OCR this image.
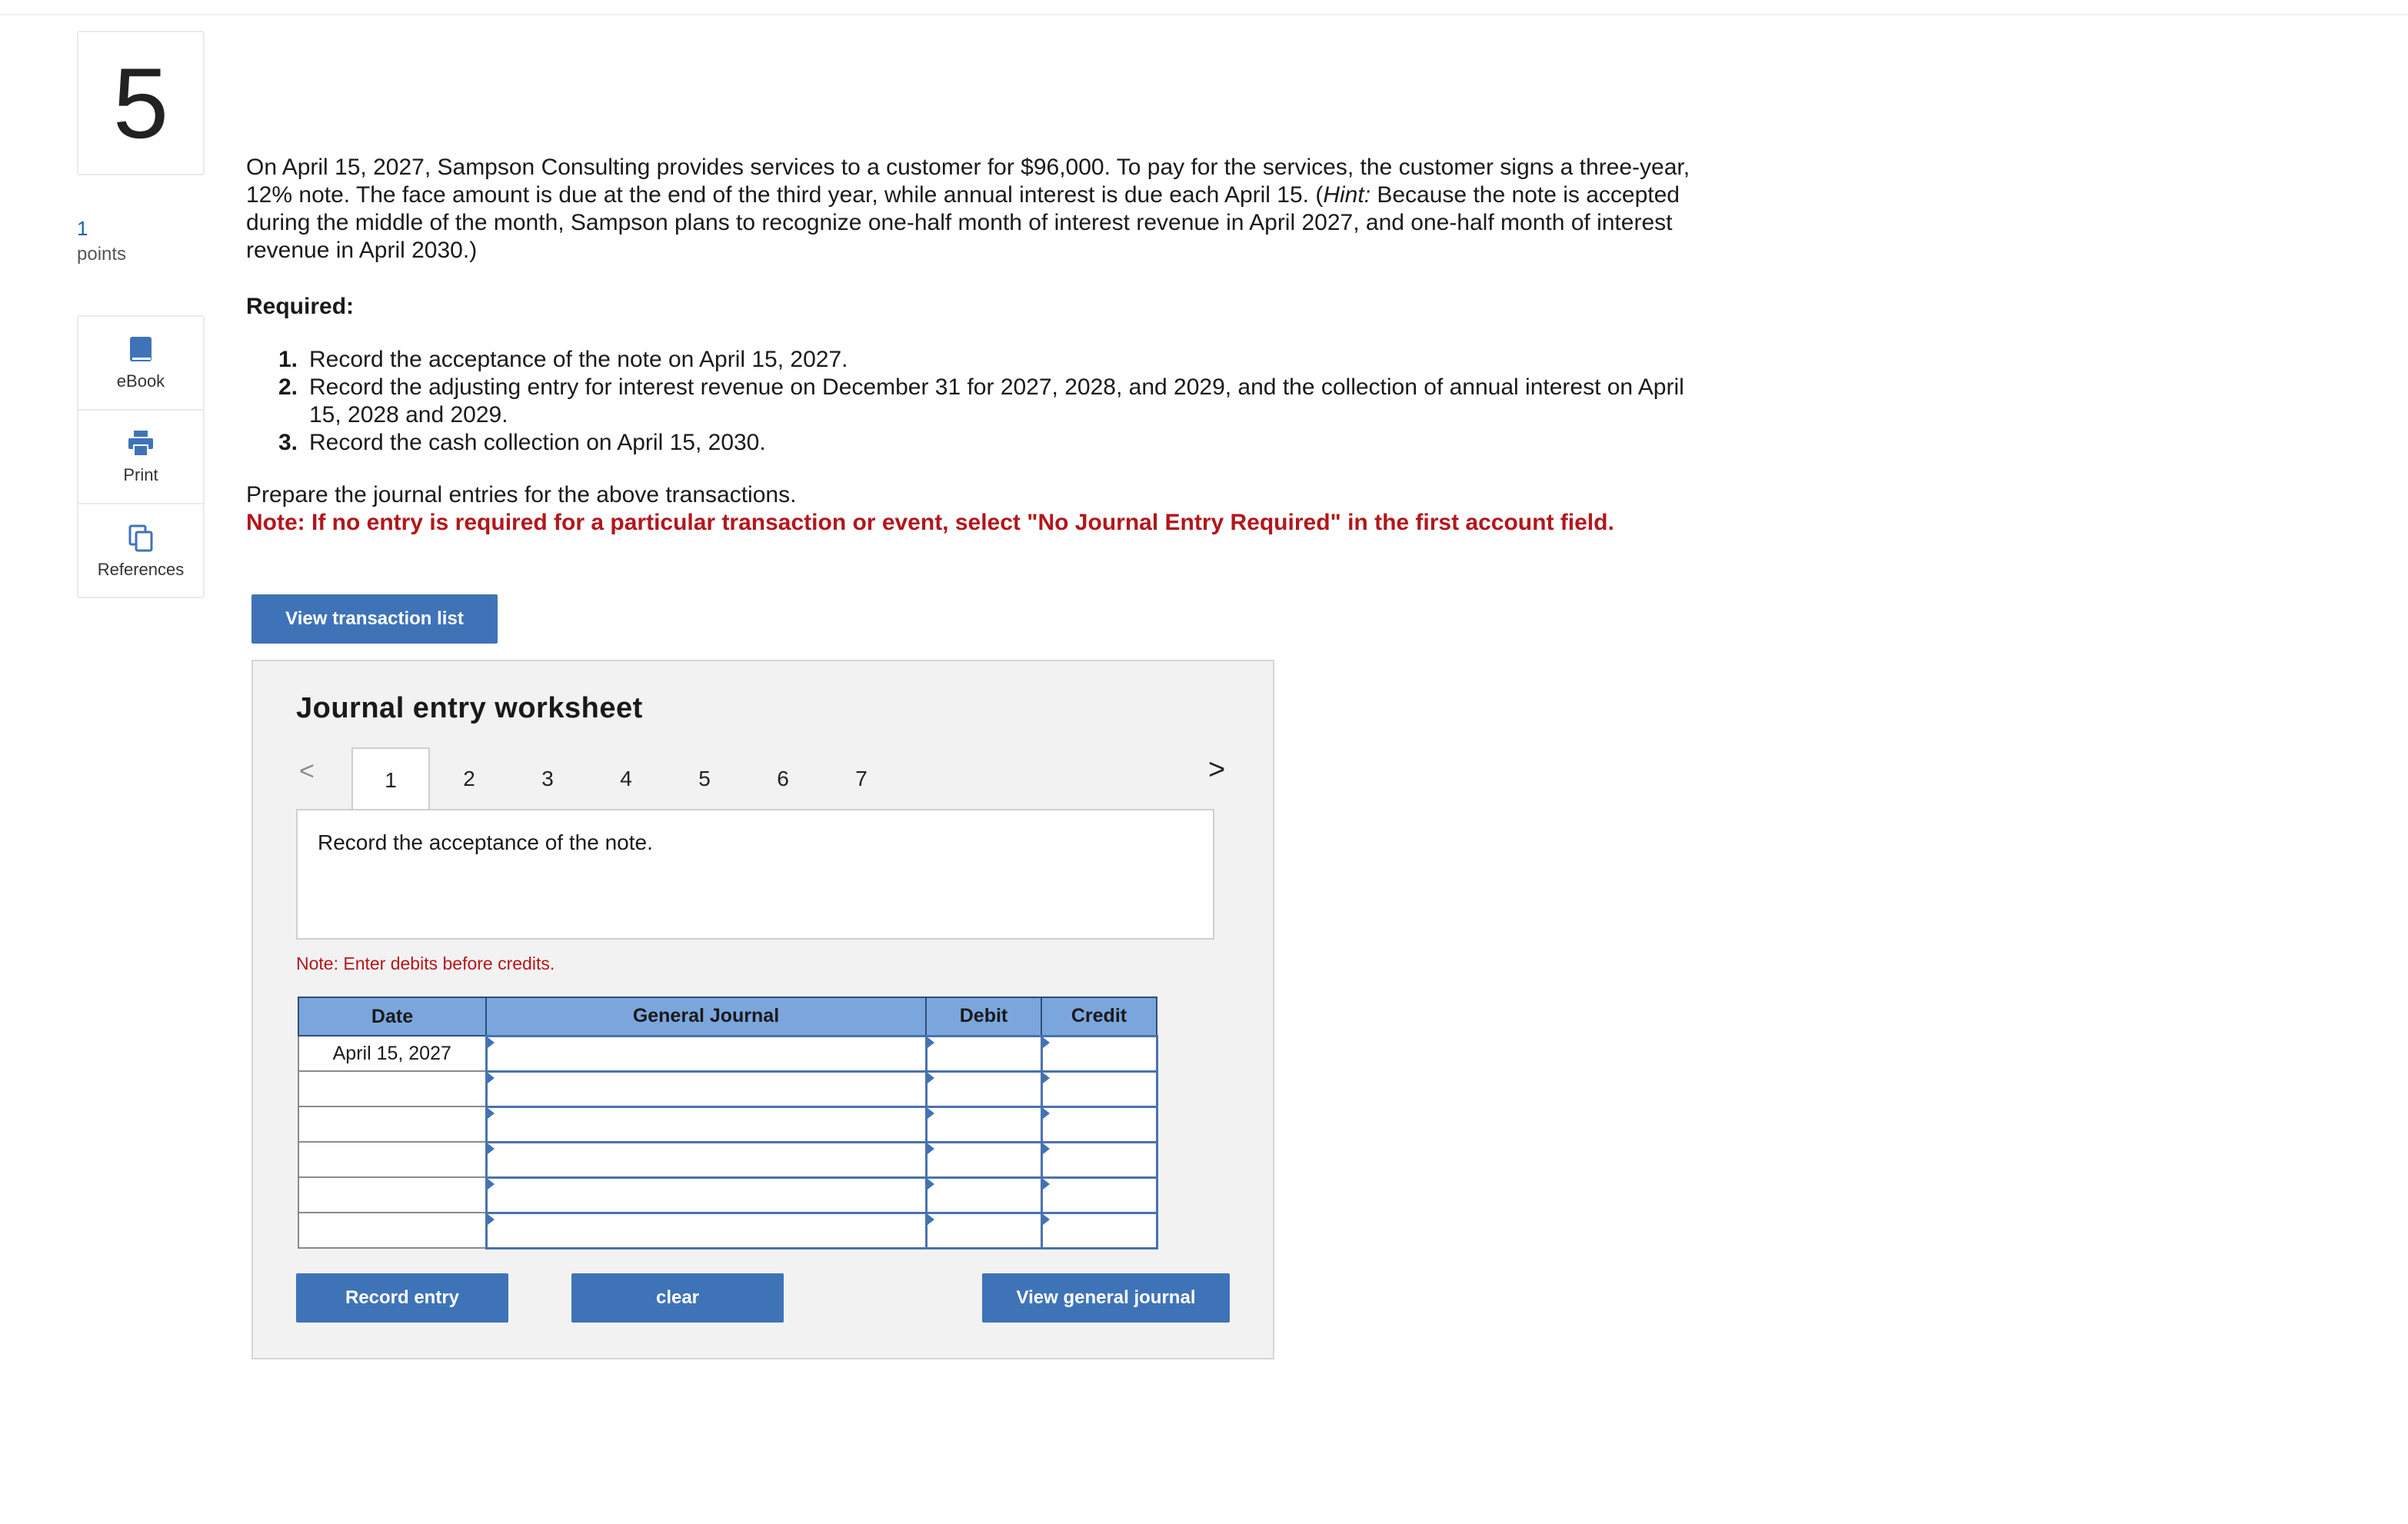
5
1
points
eBook
Print
References

On April 15, 2027, Sampson Consulting provides services to a customer for $96,000. To pay for the services, the customer signs a three-year, 12% note. The face amount is due at the end of the third year, while annual interest is due each April 15. (Hint: Because the note is accepted during the middle of the month, Sampson plans to recognize one-half month of interest revenue in April 2027, and one-half month of interest revenue in April 2030.)

Required:
1. Record the acceptance of the note on April 15, 2027.
2. Record the adjusting entry for interest revenue on December 31 for 2027, 2028, and 2029, and the collection of annual interest on April 15, 2028 and 2029.
3. Record the cash collection on April 15, 2030.

Prepare the journal entries for the above transactions.

Note: If no entry is required for a particular transaction or event, select "No Journal Entry Required" in the first account field.

View transaction list
Journal entry worksheet
<	1	2	3	4	5	6	7	>
Record the acceptance of the note.
Note: Enter debits before credits.
Date	General Journal	Debit	Credit
April 15, 2027			

Record entry	clear	View general journal
